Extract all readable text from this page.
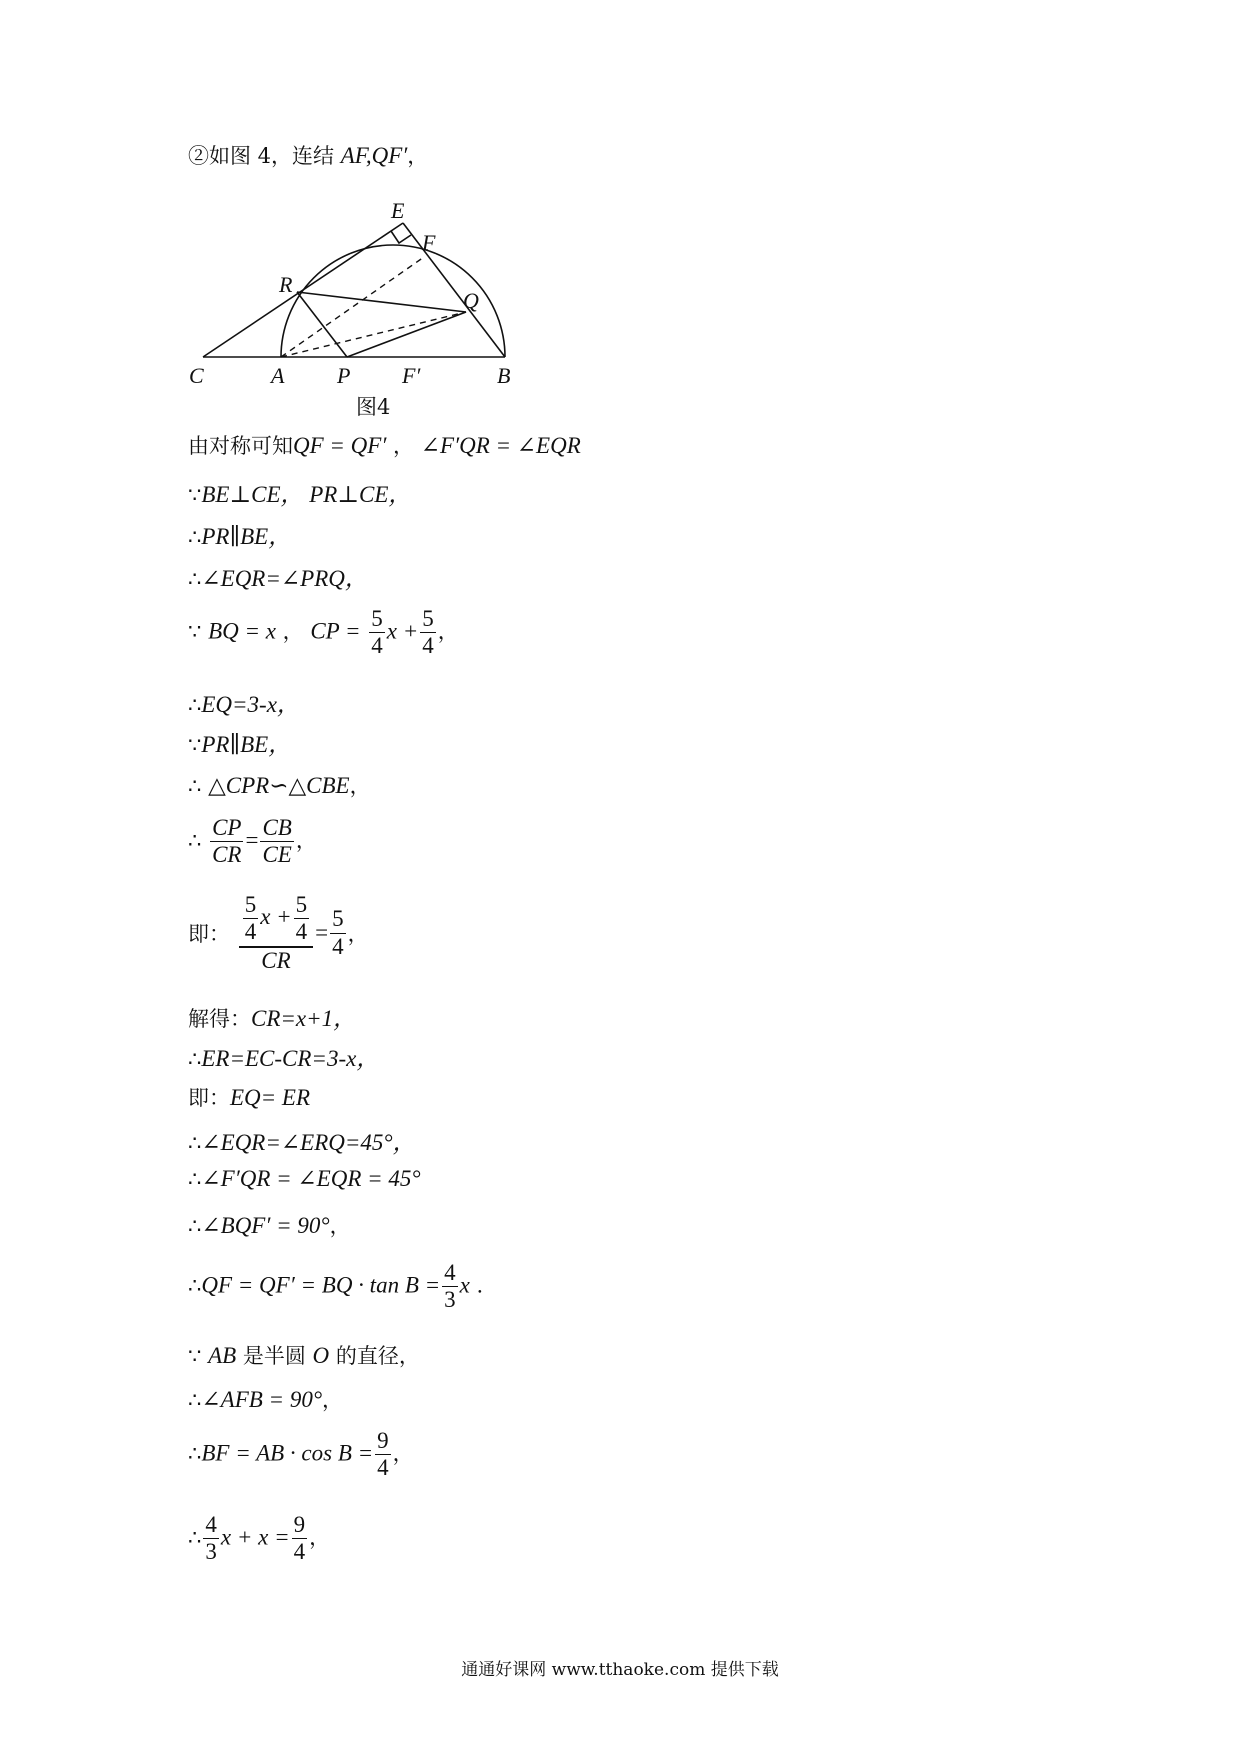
②如图 4，连结 AF,QF′，
E
F
R
Q
C	A P F′	B
图4
由对称可知QF = QF′ ， ∠F′QR = ∠EQR
∵BE⊥CE， PR⊥CE，
∴PR∥BE，
∴∠EQR=∠PRQ，
∵ BQ = x ， CP = $\frac{5}{4}$ $x + \frac{5}{4}$ ，
∴EQ=3-x，
∵PR∥BE，
∴ △CPR∽△CBE，
∴ $\frac{CP}{CR} = \frac{CB}{CE}$ ，
即： $\frac{\frac{5}{4} x + \frac{5}{4}}{CR} = \frac{5}{4}$ ，
解得：CR=x+1，
∴ER=EC-CR=3-x，
即：EQ= ER
∴∠EQR=∠ERQ=45°，
∴∠F′QR = ∠EQR = 45°
∴∠BQF′ = 90°，
∴QF = QF′ = BQ · $\tan B = \frac{4}{3}$ x .
∵ AB 是半圆 O 的直径，
∴∠AFB = 90°，
∴BF = AB · $\cos B = \frac{9}{4}$ ，
∴ $\frac{4}{3}$ $x + x = \frac{9}{4}$ ，
通通好课网 www.tthaoke.com 提供下载
